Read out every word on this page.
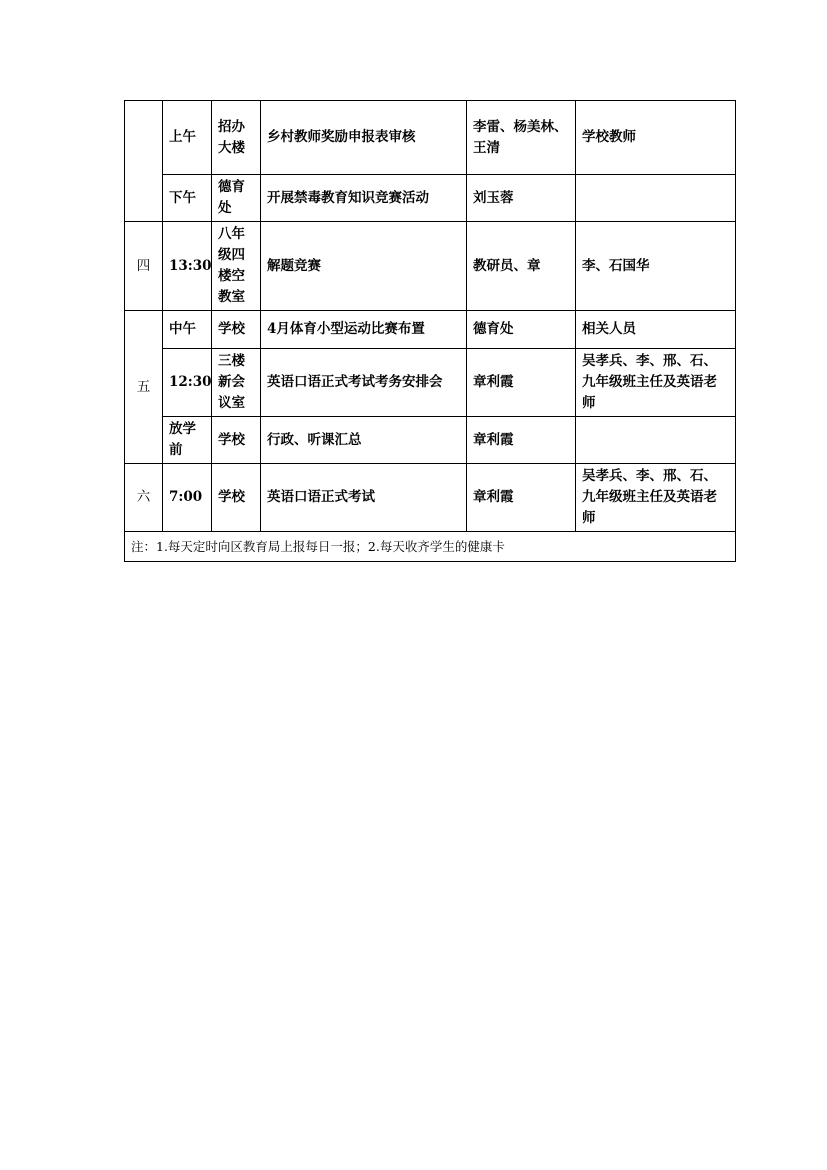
	上午	招办大楼	乡村教师奖励申报表审核	李雷、杨美林、王清	学校教师
	下午	德育处	开展禁毒教育知识竞赛活动	刘玉蓉	
四	13:30	八年级四楼空教室	解题竞赛	教研员、章	李、石国华
五	中午	学校	4月体育小型运动比赛布置	德育处	相关人员
	12:30	三楼新会议室	英语口语正式考试考务安排会	章利霞	吴孝兵、李、邢、石、九年级班主任及英语老师
	放学前	学校	行政、听课汇总	章利霞	
六	7:00	学校	英语口语正式考试	章利霞	吴孝兵、李、邢、石、九年级班主任及英语老师
注：1.每天定时向区教育局上报每日一报；2.每天收齐学生的健康卡					
